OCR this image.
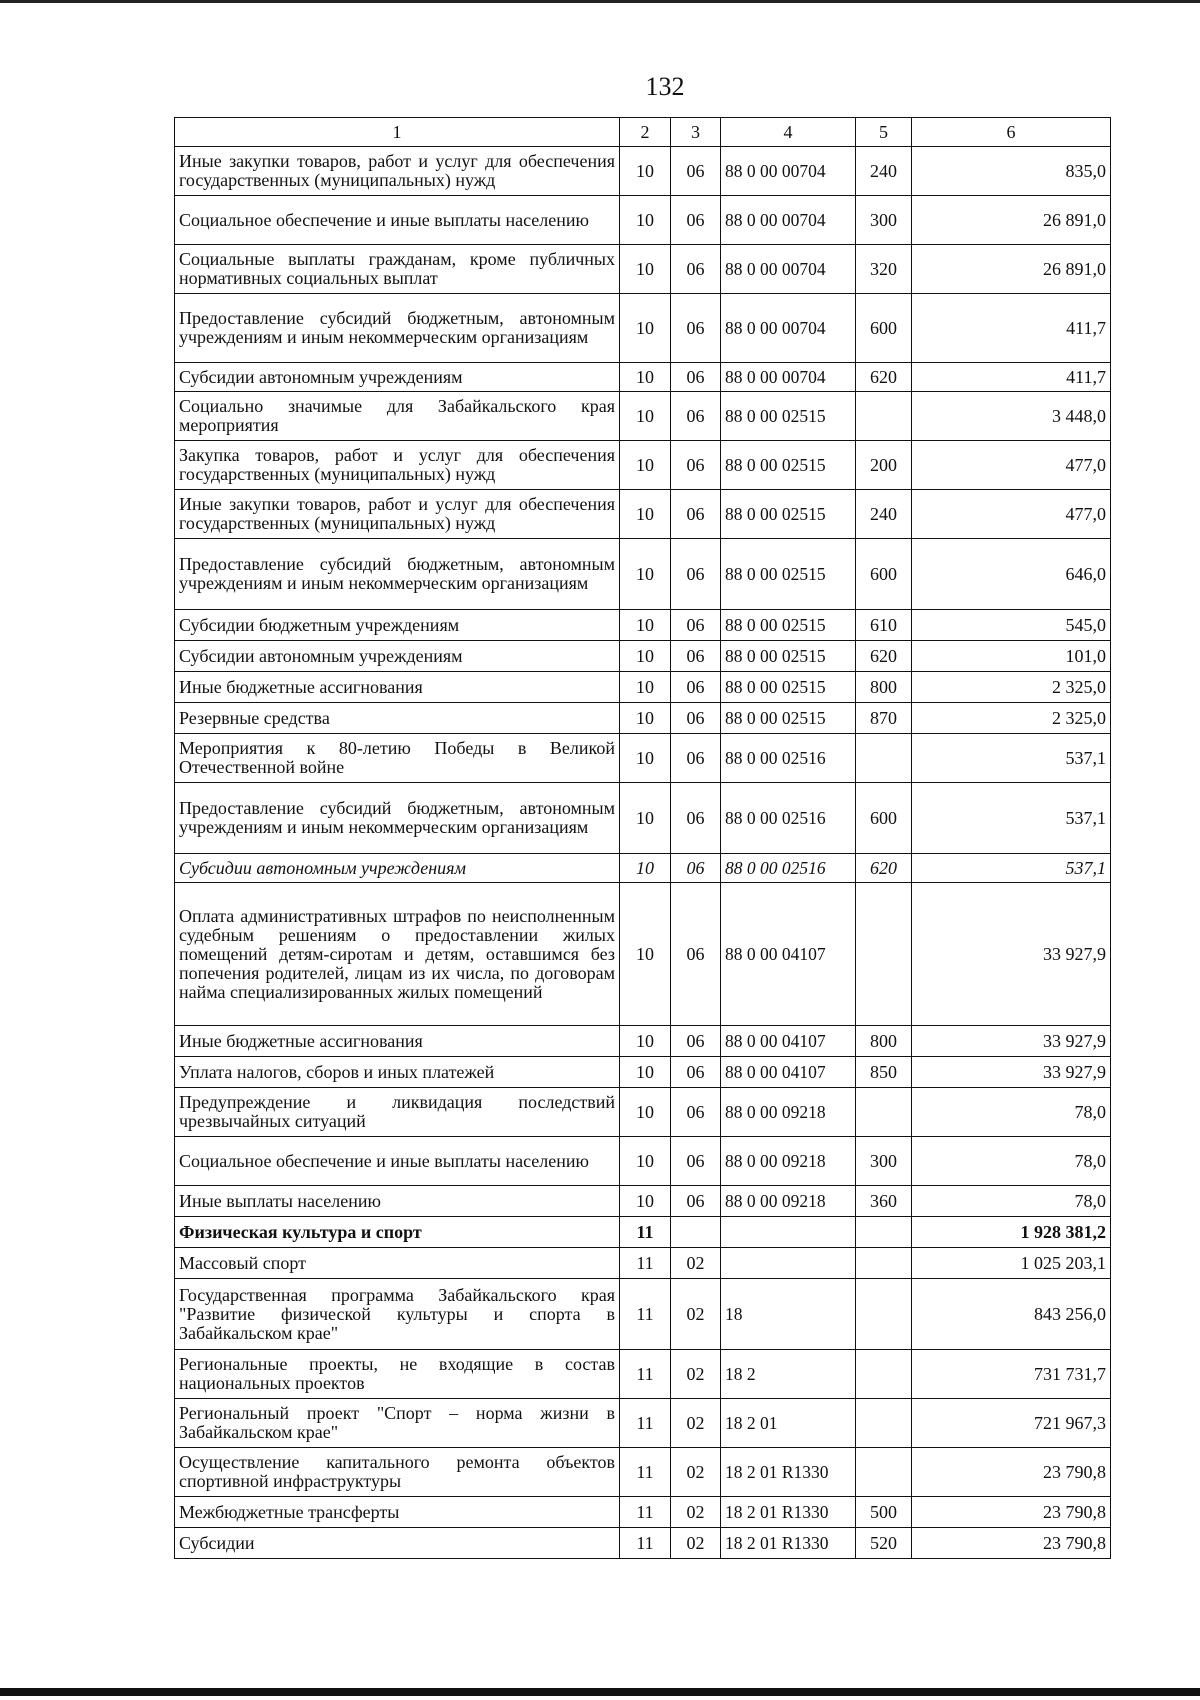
132
1	2	3	4	5	6
Иные закупки товаров, работ и услуг для обеспечения государственных (муниципальных) нужд	10	06	88 0 00 00704	240	835,0
Социальное обеспечение и иные выплаты населению	10	06	88 0 00 00704	300	26 891,0
Социальные выплаты гражданам, кроме публичных нормативных социальных выплат	10	06	88 0 00 00704	320	26 891,0
Предоставление субсидий бюджетным, автономным учреждениям и иным некоммерческим организациям	10	06	88 0 00 00704	600	411,7
Субсидии автономным учреждениям	10	06	88 0 00 00704	620	411,7
Социально значимые для Забайкальского края мероприятия	10	06	88 0 00 02515		3 448,0
Закупка товаров, работ и услуг для обеспечения государственных (муниципальных) нужд	10	06	88 0 00 02515	200	477,0
Иные закупки товаров, работ и услуг для обеспечения государственных (муниципальных) нужд	10	06	88 0 00 02515	240	477,0
Предоставление субсидий бюджетным, автономным учреждениям и иным некоммерческим организациям	10	06	88 0 00 02515	600	646,0
Субсидии бюджетным учреждениям	10	06	88 0 00 02515	610	545,0
Субсидии автономным учреждениям	10	06	88 0 00 02515	620	101,0
Иные бюджетные ассигнования	10	06	88 0 00 02515	800	2 325,0
Резервные средства	10	06	88 0 00 02515	870	2 325,0
Мероприятия к 80-летию Победы в Великой Отечественной войне	10	06	88 0 00 02516		537,1
Предоставление субсидий бюджетным, автономным учреждениям и иным некоммерческим организациям	10	06	88 0 00 02516	600	537,1
Субсидии автономным учреждениям	10	06	88 0 00 02516	620	537,1
Оплата административных штрафов по неисполненным судебным решениям о предоставлении жилых помещений детям-сиротам и детям, оставшимся без попечения родителей, лицам из их числа, по договорам найма специализированных жилых помещений	10	06	88 0 00 04107		33 927,9
Иные бюджетные ассигнования	10	06	88 0 00 04107	800	33 927,9
Уплата налогов, сборов и иных платежей	10	06	88 0 00 04107	850	33 927,9
Предупреждение и ликвидация последствий чрезвычайных ситуаций	10	06	88 0 00 09218		78,0
Социальное обеспечение и иные выплаты населению	10	06	88 0 00 09218	300	78,0
Иные выплаты населению	10	06	88 0 00 09218	360	78,0
Физическая культура и спорт	11				1 928 381,2
Массовый спорт	11	02			1 025 203,1
Государственная программа Забайкальского края "Развитие физической культуры и спорта в Забайкальском крае"	11	02	18		843 256,0
Региональные проекты, не входящие в состав национальных проектов	11	02	18 2		731 731,7
Региональный проект "Спорт – норма жизни в Забайкальском крае"	11	02	18 2 01		721 967,3
Осуществление капитального ремонта объектов спортивной инфраструктуры	11	02	18 2 01 R1330		23 790,8
Межбюджетные трансферты	11	02	18 2 01 R1330	500	23 790,8
Субсидии	11	02	18 2 01 R1330	520	23 790,8
